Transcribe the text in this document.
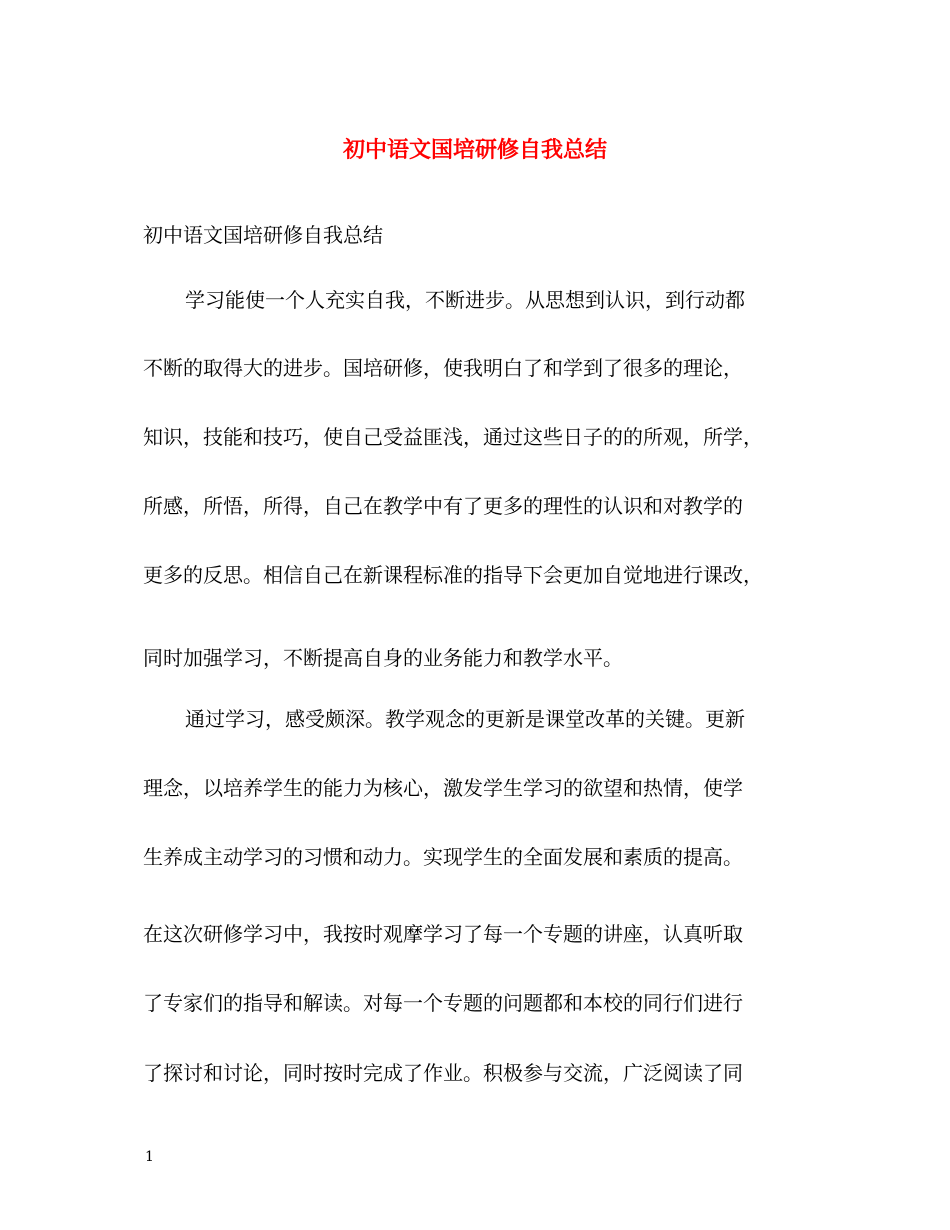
初中语文国培研修自我总结
初中语文国培研修自我总结
学习能使一个人充实自我，不断进步。从思想到认识，到行动都
不断的取得大的进步。国培研修，使我明白了和学到了很多的理论，
知识，技能和技巧，使自己受益匪浅，通过这些日子的的所观，所学，
所感，所悟，所得，自己在教学中有了更多的理性的认识和对教学的
更多的反思。相信自己在新课程标准的指导下会更加自觉地进行课改，
同时加强学习，不断提高自身的业务能力和教学水平。
通过学习，感受颇深。教学观念的更新是课堂改革的关键。更新
理念，以培养学生的能力为核心，激发学生学习的欲望和热情，使学
生养成主动学习的习惯和动力。实现学生的全面发展和素质的提高。
在这次研修学习中，我按时观摩学习了每一个专题的讲座，认真听取
了专家们的指导和解读。对每一个专题的问题都和本校的同行们进行
了探讨和讨论，同时按时完成了作业。积极参与交流，广泛阅读了同
1
